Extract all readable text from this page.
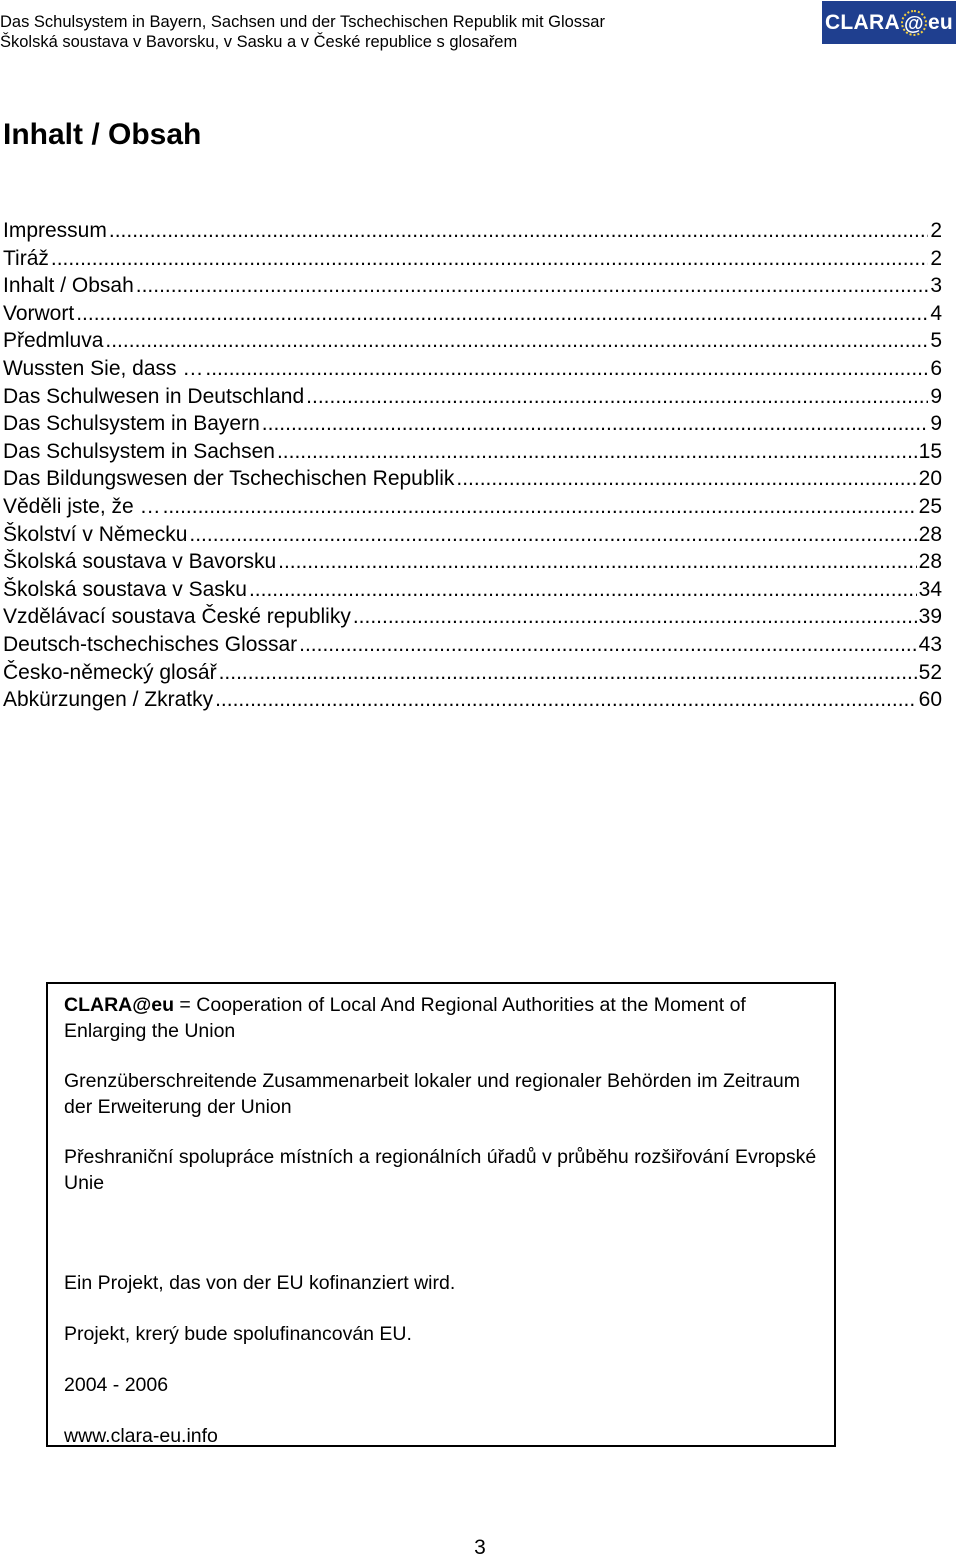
Das Schulsystem in Bayern, Sachsen und der Tschechischen Republik mit Glossar
Školská soustava v Bavorsku, v Sasku a v České republice s glosařem
CLARA @ eu
Inhalt / Obsah
Impressum .....	2
Tiráž .....	2
Inhalt / Obsah .....	3
Vorwort .....	4
Předmluva .....	5
Wussten Sie, dass … .....	6
Das Schulwesen in Deutschland .....	9
Das Schulsystem in Bayern .....	9
Das Schulsystem in Sachsen .....	15
Das Bildungswesen der Tschechischen Republik .....	20
Věděli jste, že … .....	25
Školství v Německu .....	28
Školská soustava v Bavorsku .....	28
Školská soustava v Sasku .....	34
Vzdělávací soustava České republiky .....	39
Deutsch-tschechisches Glossar .....	43
Česko-německý glosář .....	52
Abkürzungen / Zkratky .....	60

CLARA@eu = Cooperation of Local And Regional Authorities at the Moment of Enlarging the Union

Grenzüberschreitende Zusammenarbeit lokaler und regionaler Behörden im Zeitraum der Erweiterung der Union

Přeshraniční spolupráce místních a regionálních úřadů v průběhu rozšiřování Evropské Unie

Ein Projekt, das von der EU kofinanziert wird.

Projekt, krerý bude spolufinancován EU.

2004 - 2006

www.clara-eu.info

3
